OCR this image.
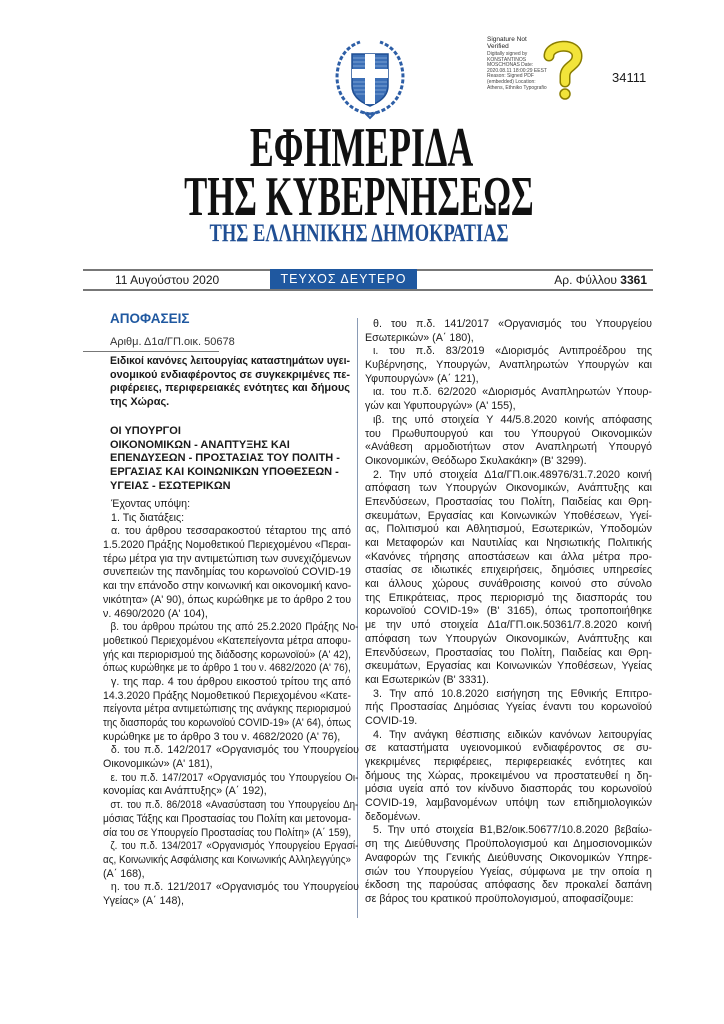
Signature Not Verified
Digitally signed by KONSTANTINOS MOSCHONAS Date: 2020.08.11 18:00:29 EEST Reason: Signed PDF (embedded) Location: Athens, Ethniko Typografio
34111
ΕΦΗΜΕΡΙΔΑ
ΤΗΣ ΚΥΒΕΡΝΗΣΕΩΣ
ΤΗΣ ΕΛΛΗΝΙΚΗΣ ΔΗΜΟΚΡΑΤΙΑΣ
11 Αυγούστου 2020	ΤΕΥΧΟΣ ΔΕΥΤΕΡΟ	Αρ. Φύλλου 3361
ΑΠΟΦΑΣΕΙΣ
Αριθμ. Δ1α/ΓΠ.οικ. 50678
Ειδικοί κανόνες λειτουργίας καταστημάτων υγει-
ονομικού ενδιαφέροντος σε συγκεκριμένες πε-
ριφέρειες, περιφερειακές ενότητες και δήμους
της Χώρας.
ΟΙ ΥΠΟΥΡΓΟΙ
ΟΙΚΟΝΟΜΙΚΩΝ - ΑΝΑΠΤΥΞΗΣ ΚΑΙ
ΕΠΕΝΔΥΣΕΩΝ - ΠΡΟΣΤΑΣΙΑΣ ΤΟΥ ΠΟΛΙΤΗ -
ΕΡΓΑΣΙΑΣ ΚΑΙ ΚΟΙΝΩΝΙΚΩΝ ΥΠΟΘΕΣΕΩΝ -
ΥΓΕΙΑΣ - ΕΣΩΤΕΡΙΚΩΝ
Έχοντας υπόψη:
1. Τις διατάξεις:
α. του άρθρου τεσσαρακοστού τέταρτου της από
1.5.2020 Πράξης Νομοθετικού Περιεχομένου «Περαι-
τέρω μέτρα για την αντιμετώπιση των συνεχιζόμενων
συνεπειών της πανδημίας του κορωνοϊού COVID-19
και την επάνοδο στην κοινωνική και οικονομική κανο-
νικότητα» (Α' 90), όπως κυρώθηκε με το άρθρο 2 του
ν. 4690/2020 (Α' 104),
β. του άρθρου πρώτου της από 25.2.2020 Πράξης Νο-
μοθετικού Περιεχομένου «Κατεπείγοντα μέτρα αποφυ-
γής και περιορισμού της διάδοσης κορωνοϊού» (Α' 42),
όπως κυρώθηκε με το άρθρο 1 του ν. 4682/2020 (Α' 76),
γ. της παρ. 4 του άρθρου εικοστού τρίτου της από
14.3.2020 Πράξης Νομοθετικού Περιεχομένου «Κατε-
πείγοντα μέτρα αντιμετώπισης της ανάγκης περιορισμού
της διασποράς του κορωνοϊού COVID-19» (Α' 64), όπως
κυρώθηκε με το άρθρο 3 του ν. 4682/2020 (Α' 76),
δ. του π.δ. 142/2017 «Οργανισμός του Υπουργείου
Οικονομικών» (Α' 181),
ε. του π.δ. 147/2017 «Οργανισμός του Υπουργείου Οι-
κονομίας και Ανάπτυξης» (Α΄ 192),
στ. του π.δ. 86/2018 «Ανασύσταση του Υπουργείου Δη-
μόσιας Τάξης και Προστασίας του Πολίτη και μετονομα-
σία του σε Υπουργείο Προστασίας του Πολίτη» (Α΄ 159),
ζ. του π.δ. 134/2017 «Οργανισμός Υπουργείου Εργασί-
ας, Κοινωνικής Ασφάλισης και Κοινωνικής Αλληλεγγύης»
(Α΄ 168),
η. του π.δ. 121/2017 «Οργανισμός του Υπουργείου
Υγείας» (Α΄ 148),
θ. του π.δ. 141/2017 «Οργανισμός του Υπουργείου
Εσωτερικών» (Α΄ 180),
ι. του π.δ. 83/2019 «Διορισμός Αντιπροέδρου της
Κυβέρνησης, Υπουργών, Αναπληρωτών Υπουργών και
Υφυπουργών» (Α΄ 121),
ια. του π.δ. 62/2020 «Διορισμός Αναπληρωτών Υπουρ-
γών και Υφυπουργών» (Α' 155),
ιβ. της υπό στοιχεία Υ 44/5.8.2020 κοινής απόφασης
του Πρωθυπουργού και του Υπουργού Οικονομικών
«Ανάθεση αρμοδιοτήτων στον Αναπληρωτή Υπουργό
Οικονομικών, Θεόδωρο Σκυλακάκη» (Β' 3299).
2. Την υπό στοιχεία Δ1α/ΓΠ.οικ.48976/31.7.2020 κοινή
απόφαση των Υπουργών Οικονομικών, Ανάπτυξης και
Επενδύσεων, Προστασίας του Πολίτη, Παιδείας και Θρη-
σκευμάτων, Εργασίας και Κοινωνικών Υποθέσεων, Υγεί-
ας, Πολιτισμού και Αθλητισμού, Εσωτερικών, Υποδομών
και Μεταφορών και Ναυτιλίας και Νησιωτικής Πολιτικής
«Κανόνες τήρησης αποστάσεων και άλλα μέτρα προ-
στασίας σε ιδιωτικές επιχειρήσεις, δημόσιες υπηρεσίες
και άλλους χώρους συνάθροισης κοινού στο σύνολο
της Επικράτειας, προς περιορισμό της διασποράς του
κορωνοϊού COVID-19» (Β' 3165), όπως τροποποιήθηκε
με την υπό στοιχεία Δ1α/ΓΠ.οικ.50361/7.8.2020 κοινή
απόφαση των Υπουργών Οικονομικών, Ανάπτυξης και
Επενδύσεων, Προστασίας του Πολίτη, Παιδείας και Θρη-
σκευμάτων, Εργασίας και Κοινωνικών Υποθέσεων, Υγείας
και Εσωτερικών (Β' 3331).
3. Την από 10.8.2020 εισήγηση της Εθνικής Επιτρο-
πής Προστασίας Δημόσιας Υγείας έναντι του κορωνοϊού
COVID-19.
4. Την ανάγκη θέσπισης ειδικών κανόνων λειτουργίας
σε καταστήματα υγειονομικού ενδιαφέροντος σε συ-
γκεκριμένες περιφέρειες, περιφερειακές ενότητες και
δήμους της Χώρας, προκειμένου να προστατευθεί η δη-
μόσια υγεία από τον κίνδυνο διασποράς του κορωνοϊού
COVID-19, λαμβανομένων υπόψη των επιδημιολογικών
δεδομένων.
5. Την υπό στοιχεία Β1,Β2/οικ.50677/10.8.2020 βεβαίω-
ση της Διεύθυνσης Προϋπολογισμού και Δημοσιονομικών
Αναφορών της Γενικής Διεύθυνσης Οικονομικών Υπηρε-
σιών του Υπουργείου Υγείας, σύμφωνα με την οποία η
έκδοση της παρούσας απόφασης δεν προκαλεί δαπάνη
σε βάρος του κρατικού προϋπολογισμού, αποφασίζουμε:
